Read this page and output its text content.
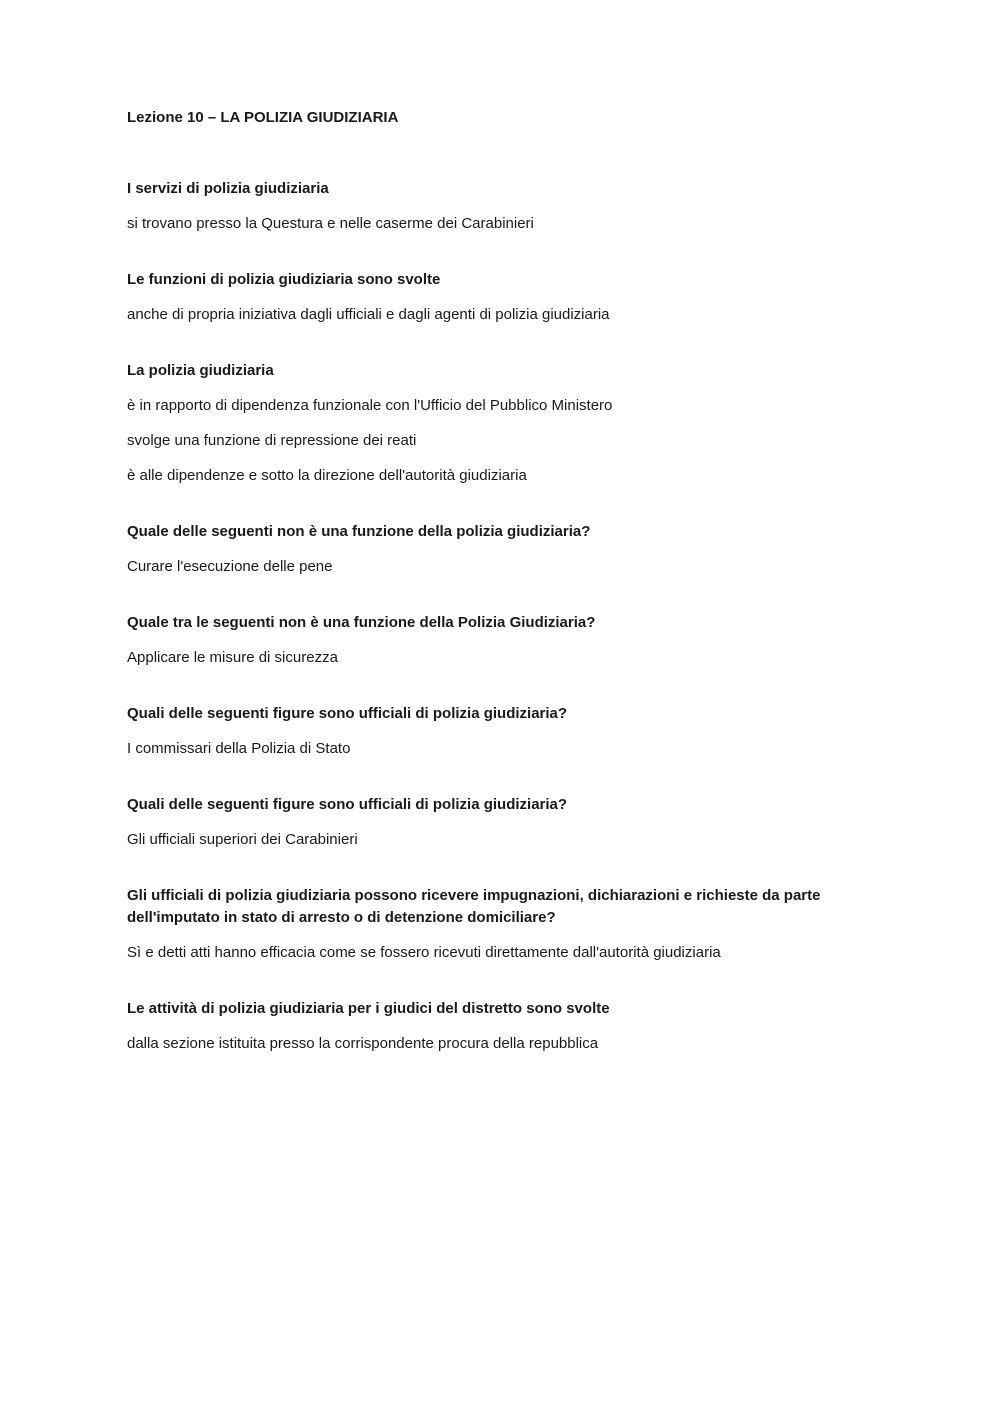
Lezione 10 – LA POLIZIA GIUDIZIARIA
I servizi di polizia giudiziaria
si trovano presso la Questura e nelle caserme dei Carabinieri
Le funzioni di polizia giudiziaria sono svolte
anche di propria iniziativa dagli ufficiali e dagli agenti di polizia giudiziaria
La polizia giudiziaria
è in rapporto di dipendenza funzionale con l'Ufficio del Pubblico Ministero
svolge una funzione di repressione dei reati
è alle dipendenze e sotto la direzione dell'autorità giudiziaria
Quale delle seguenti non è una funzione della polizia giudiziaria?
Curare l'esecuzione delle pene
Quale tra le seguenti non è una funzione della Polizia Giudiziaria?
Applicare le misure di sicurezza
Quali delle seguenti figure sono ufficiali di polizia giudiziaria?
I commissari della Polizia di Stato
Quali delle seguenti figure sono ufficiali di polizia giudiziaria?
Gli ufficiali superiori dei Carabinieri
Gli ufficiali di polizia giudiziaria possono ricevere impugnazioni, dichiarazioni e richieste da parte dell'imputato in stato di arresto o di detenzione domiciliare?
Sì e detti atti hanno efficacia come se fossero ricevuti direttamente dall'autorità giudiziaria
Le attività di polizia giudiziaria per i giudici del distretto sono svolte
dalla sezione istituita presso la corrispondente procura della repubblica
